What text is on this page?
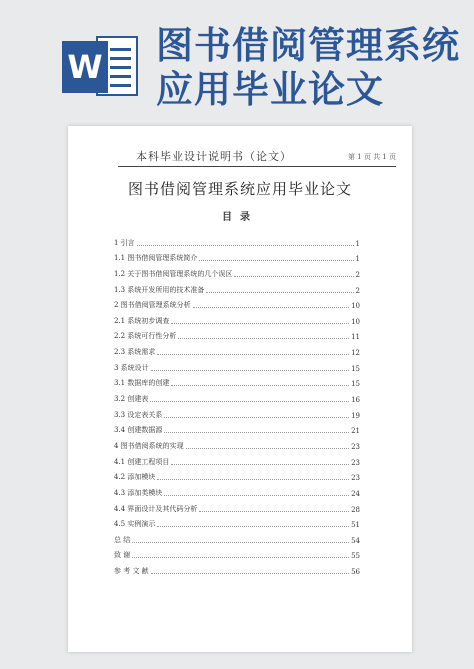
W 图书借阅管理系统
应用毕业论文
本科毕业设计说明书（论文）	第 1 页 共 1 页
图书借阅管理系统应用毕业论文
目录
1 引言	1
1.1 图书借阅管理系统简介	1
1.2 关于图书借阅管理系统的几个误区	2
1.3 系统开发所用的技术准备	2
2 图书借阅管理系统分析	10
2.1 系统初步调查	10
2.2 系统可行性分析	11
2.3 系统需求	12
3 系统设计	15
3.1 数据库的创建	15
3.2 创建表	16
3.3 设定表关系	19
3.4 创建数据源	21
4 图书借阅系统的实现	23
4.1 创建工程项目	23
4.2 添加模块	23
4.3 添加类模块	24
4.4 界面设计及其代码分析	28
4.5 实例演示	51
总 结	54
致 谢	55
参 考 文 献	56
